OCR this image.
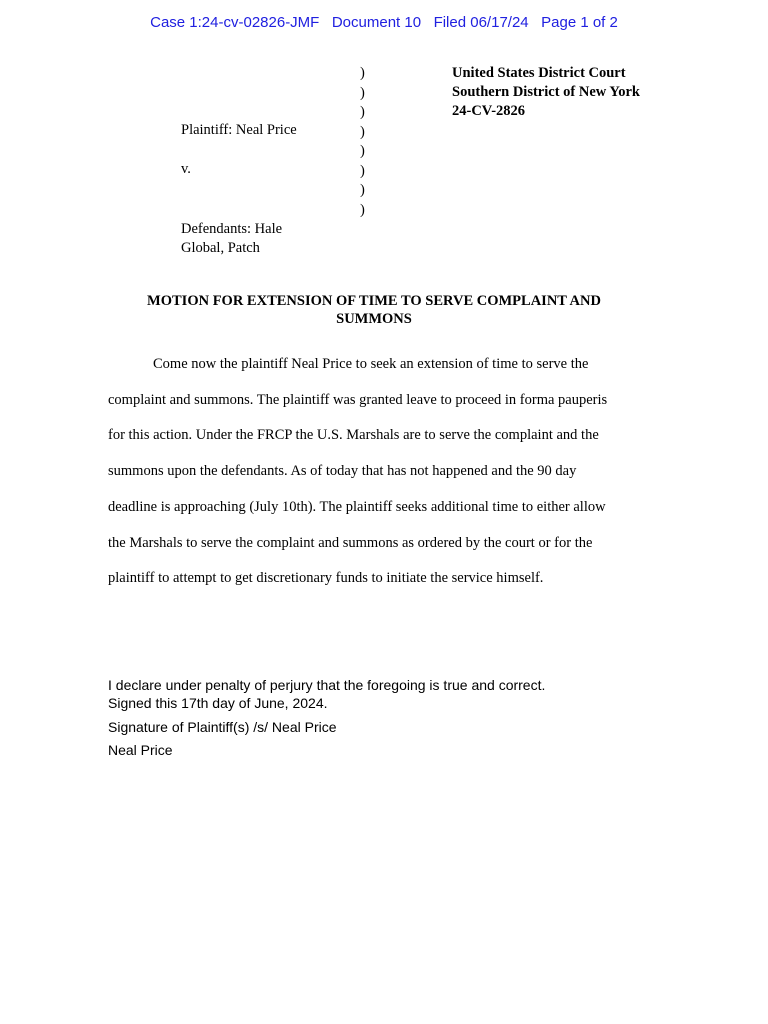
Case 1:24-cv-02826-JMF   Document 10   Filed 06/17/24   Page 1 of 2
)
)
)
)
)
)
)
)
Plaintiff: Neal Price
v.
Defendants: Hale Global, Patch
United States District Court
Southern District of New York
24-CV-2826
MOTION FOR EXTENSION OF TIME TO SERVE COMPLAINT AND SUMMONS
Come now the plaintiff Neal Price to seek an extension of time to serve the
complaint and summons. The plaintiff was granted leave to proceed in forma pauperis
for this action. Under the FRCP the U.S. Marshals are to serve the complaint and the
summons upon the defendants. As of today that has not happened and the 90 day
deadline is approaching (July 10th). The plaintiff seeks additional time to either allow
the Marshals to serve the complaint and summons as ordered by the court or for the
plaintiff to attempt to get discretionary funds to initiate the service himself.
I declare under penalty of perjury that the foregoing is true and correct.
Signed this 17th day of June, 2024.
Signature of Plaintiff(s) /s/ Neal Price
Neal Price
